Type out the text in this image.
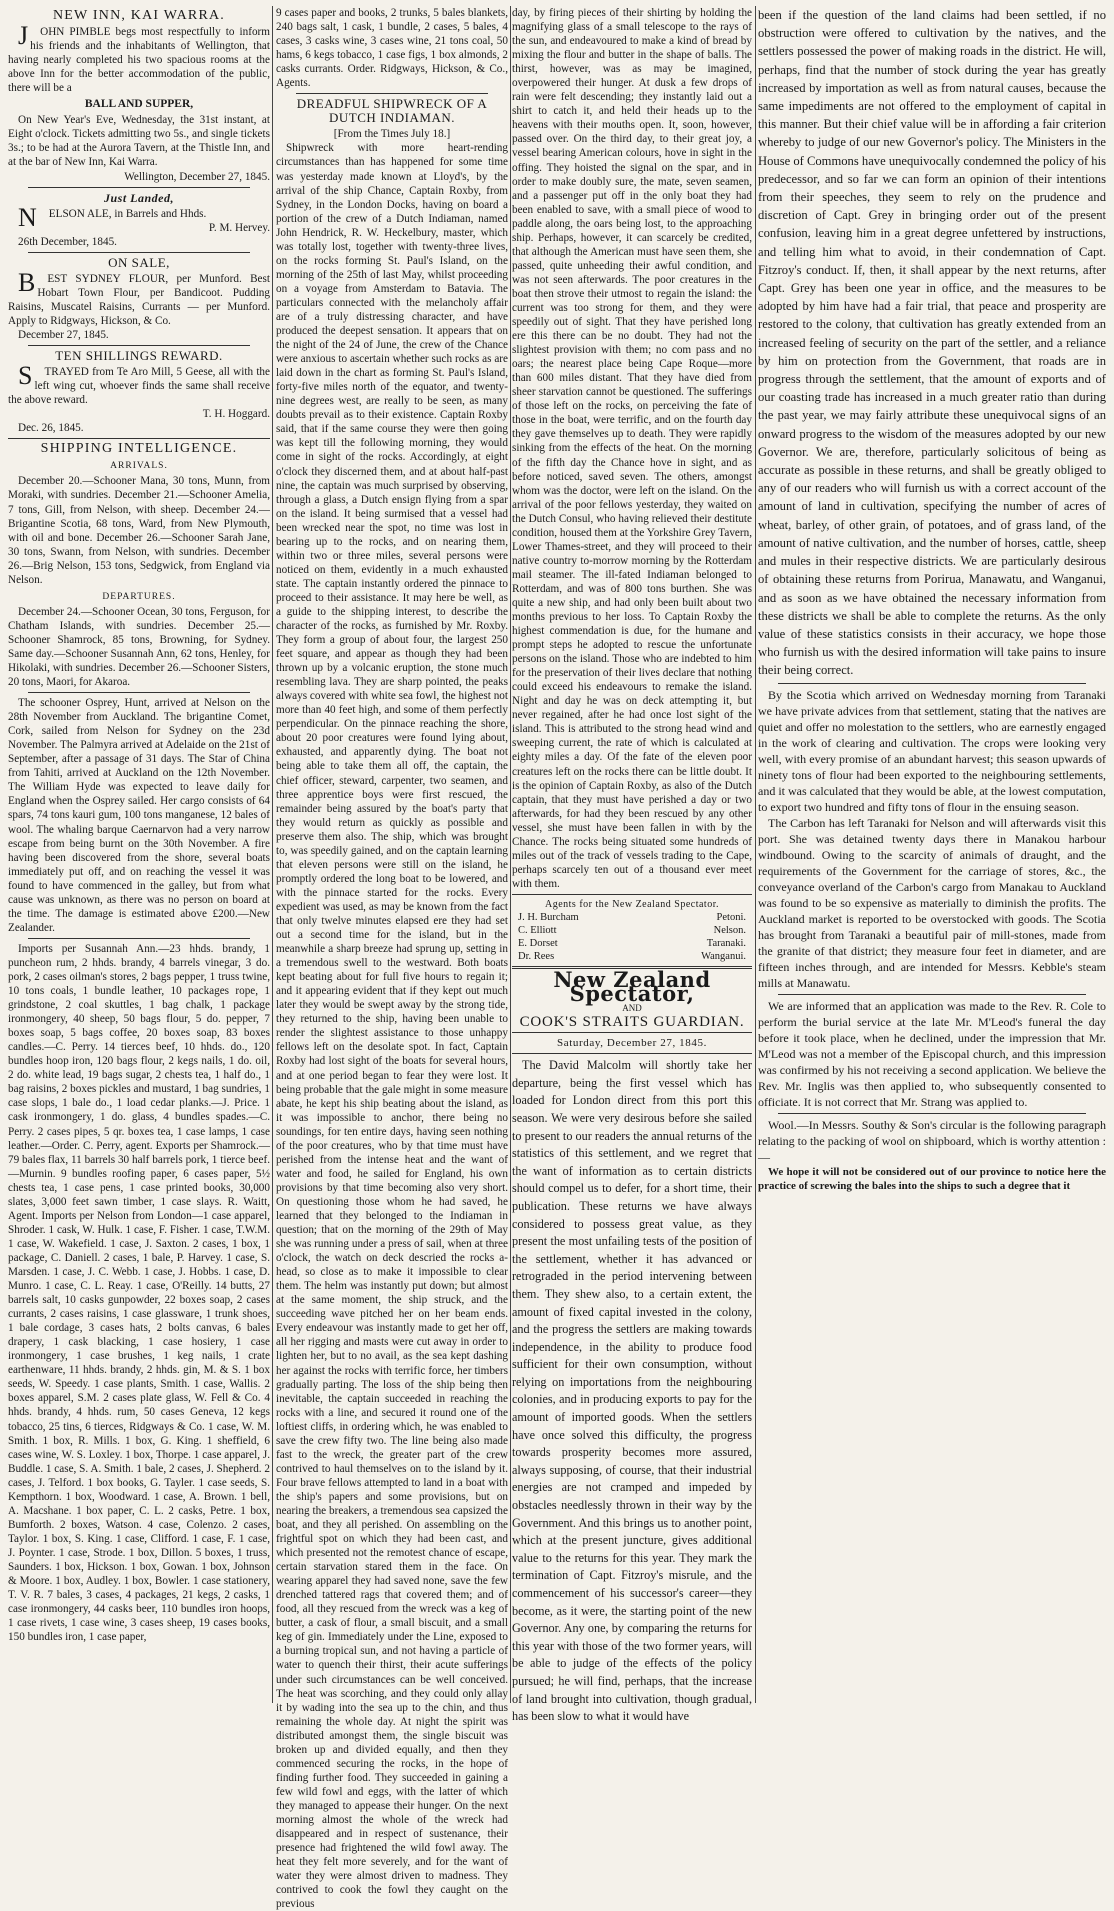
NEW INN, KAI WARRA.

JOHN PIMBLE begs most respectfully to inform his friends and the inhabitants of Wellington, that having nearly completed his two spacious rooms at the above Inn for the better accommodation of the public, there will be a

BALL AND SUPPER,

On New Year's Eve, Wednesday, the 31st instant, at Eight o'clock. Tickets admitting two 5s., and single tickets 3s.; to be had at the Aurora Tavern, at the Thistle Inn, and at the bar of New Inn, Kai Warra.

Wellington, December 27, 1845.

Just Landed,

NELSON ALE, in Barrels and Hhds.

P. M. Hervey.

26th December, 1845.

ON SALE,

BEST SYDNEY FLOUR, per Munford. Best Hobart Town Flour, per Bandicoot. Pudding Raisins, Muscatel Raisins, Currants — per Munford. Apply to Ridgways, Hickson, & Co.

December 27, 1845.

TEN SHILLINGS REWARD.

STRAYED from Te Aro Mill, 5 Geese, all with the left wing cut, whoever finds the same shall receive the above reward.

T. H. Hoggard.

Dec. 26, 1845.

SHIPPING INTELLIGENCE.
ARRIVALS.

December 20.—Schooner Mana, 30 tons, Munn, from Moraki, with sundries. December 21.—Schooner Amelia, 7 tons, Gill, from Nelson, with sheep. December 24.—Brigantine Scotia, 68 tons, Ward, from New Plymouth, with oil and bone. December 26.—Schooner Sarah Jane, 30 tons, Swann, from Nelson, with sundries. December 26.—Brig Nelson, 153 tons, Sedgwick, from England via Nelson.

DEPARTURES.

December 24.—Schooner Ocean, 30 tons, Ferguson, for Chatham Islands, with sundries. December 25.—Schooner Shamrock, 85 tons, Browning, for Sydney. Same day.—Schooner Susannah Ann, 62 tons, Henley, for Hikolaki, with sundries. December 26.—Schooner Sisters, 20 tons, Maori, for Akaroa.

The schooner Osprey, Hunt, arrived at Nelson on the 28th November from Auckland. The brigantine Comet, Cork, sailed from Nelson for Sydney on the 23d November. The Palmyra arrived at Adelaide on the 21st of September, after a passage of 31 days. The Star of China from Tahiti, arrived at Auckland on the 12th November. The William Hyde was expected to leave daily for England when the Osprey sailed. Her cargo consists of 64 spars, 74 tons kauri gum, 100 tons manganese, 12 bales of wool. The whaling barque Caernarvon had a very narrow escape from being burnt on the 30th November. A fire having been discovered from the shore, several boats immediately put off, and on reaching the vessel it was found to have commenced in the galley, but from what cause was unknown, as there was no person on board at the time. The damage is estimated above £200.—New Zealander.

Imports per Susannah Ann.—23 hhds. brandy, 1 puncheon rum, 2 hhds. brandy, 4 barrels vinegar, 3 do. pork, 2 cases oilman's stores, 2 bags pepper, 1 truss twine, 10 tons coals, 1 bundle leather, 10 packages rope, 1 grindstone, 2 coal skuttles, 1 bag chalk, 1 package ironmongery, 40 sheep, 50 bags flour, 5 do. pepper, 7 boxes soap, 5 bags coffee, 20 boxes soap, 83 boxes candles.—C. Perry. 14 tierces beef, 10 hhds. do., 120 bundles hoop iron, 120 bags flour, 2 kegs nails, 1 do. oil, 2 do. white lead, 19 bags sugar, 2 chests tea, 1 half do., 1 bag raisins, 2 boxes pickles and mustard, 1 bag sundries, 1 case slops, 1 bale do., 1 load cedar planks.—J. Price. 1 cask ironmongery, 1 do. glass, 4 bundles spades.—C. Perry. 2 cases pipes, 5 qr. boxes tea, 1 case lamps, 1 case leather.—Order. C. Perry, agent. Exports per Shamrock.—79 bales flax, 11 barrels 30 half barrels pork, 1 tierce beef.—Murnin. 9 bundles roofing paper, 6 cases paper, 5½ chests tea, 1 case pens, 1 case printed books, 30,000 slates, 3,000 feet sawn timber, 1 case slays. R. Waitt, Agent. Imports per Nelson from London—1 case apparel, Shroder. 1 cask, W. Hulk. 1 case, F. Fisher. 1 case, T.W.M. 1 case, W. Wakefield. 1 case, J. Saxton. 2 cases, 1 box, 1 package, C. Daniell. 2 cases, 1 bale, P. Harvey. 1 case, S. Marsden. 1 case, J. C. Webb. 1 case, J. Hobbs. 1 case, D. Munro. 1 case, C. L. Reay. 1 case, O'Reilly. 14 butts, 27 barrels salt, 10 casks gunpowder, 22 boxes soap, 2 cases currants, 2 cases raisins, 1 case glassware, 1 trunk shoes, 1 bale cordage, 3 cases hats, 2 bolts canvas, 6 bales drapery, 1 cask blacking, 1 case hosiery, 1 case ironmongery, 1 case brushes, 1 keg nails, 1 crate earthenware, 11 hhds. brandy, 2 hhds. gin, M. & S. 1 box seeds, W. Speedy. 1 case plants, Smith. 1 case, Wallis. 2 boxes apparel, S.M. 2 cases plate glass, W. Fell & Co. 4 hhds. brandy, 4 hhds. rum, 50 cases Geneva, 12 kegs tobacco, 25 tins, 6 tierces, Ridgways & Co. 1 case, W. M. Smith. 1 box, R. Mills. 1 box, G. King. 1 sheffield, 6 cases wine, W. S. Loxley. 1 box, Thorpe. 1 case apparel, J. Buddle. 1 case, S. A. Smith. 1 bale, 2 cases, J. Shepherd. 2 cases, J. Telford. 1 box books, G. Tayler. 1 case seeds, S. Kempthorn. 1 box, Woodward. 1 case, A. Brown. 1 bell, A. Macshane. 1 box paper, C. L. 2 casks, Petre. 1 box, Bumforth. 2 boxes, Watson. 4 case, Colenzo. 2 cases, Taylor. 1 box, S. King. 1 case, Clifford. 1 case, F. 1 case, J. Poynter. 1 case, Strode. 1 box, Dillon. 5 boxes, 1 truss, Saunders. 1 box, Hickson. 1 box, Gowan. 1 box, Johnson & Moore. 1 box, Audley. 1 box, Bowler. 1 case stationery, T. V. R. 7 bales, 3 cases, 4 packages, 21 kegs, 2 casks, 1 case ironmongery, 44 casks beer, 110 bundles iron hoops, 1 case rivets, 1 case wine, 3 cases sheep, 19 cases books, 150 bundles iron, 1 case paper,

9 cases paper and books, 2 trunks, 5 bales blankets, 240 bags salt, 1 cask, 1 bundle, 2 cases, 5 bales, 4 cases, 3 casks wine, 3 cases wine, 21 tons coal, 50 hams, 6 kegs tobacco, 1 case figs, 1 box almonds, 2 casks currants. Order. Ridgways, Hickson, & Co., Agents.

DREADFUL SHIPWRECK OF A DUTCH INDIAMAN.

[From the Times July 18.]

Shipwreck with more heart-rending circumstances than has happened for some time was yesterday made known at Lloyd's, by the arrival of the ship Chance, Captain Roxby, from Sydney, in the London Docks, having on board a portion of the crew of a Dutch Indiaman, named John Hendrick, R. W. Heckelbury, master, which was totally lost, together with twenty-three lives, on the rocks forming St. Paul's Island, on the morning of the 25th of last May, whilst proceeding on a voyage from Amsterdam to Batavia. The particulars connected with the melancholy affair are of a truly distressing character, and have produced the deepest sensation. It appears that on the night of the 24 of June, the crew of the Chance were anxious to ascertain whether such rocks as are laid down in the chart as forming St. Paul's Island, forty-five miles north of the equator, and twenty-nine degrees west, are really to be seen, as many doubts prevail as to their existence. Captain Roxby said, that if the same course they were then going was kept till the following morning, they would come in sight of the rocks. Accordingly, at eight o'clock they discerned them, and at about half-past nine, the captain was much surprised by observing, through a glass, a Dutch ensign flying from a spar on the island. It being surmised that a vessel had been wrecked near the spot, no time was lost in bearing up to the rocks, and on nearing them, within two or three miles, several persons were noticed on them, evidently in a much exhausted state. The captain instantly ordered the pinnace to proceed to their assistance. It may here be well, as a guide to the shipping interest, to describe the character of the rocks, as furnished by Mr. Roxby. They form a group of about four, the largest 250 feet square, and appear as though they had been thrown up by a volcanic eruption, the stone much resembling lava. They are sharp pointed, the peaks always covered with white sea fowl, the highest not more than 40 feet high, and some of them perfectly perpendicular. On the pinnace reaching the shore, about 20 poor creatures were found lying about, exhausted, and apparently dying. The boat not being able to take them all off, the captain, the chief officer, steward, carpenter, two seamen, and three apprentice boys were first rescued, the remainder being assured by the boat's party that they would return as quickly as possible and preserve them also. The ship, which was brought to, was speedily gained, and on the captain learning that eleven persons were still on the island, he promptly ordered the long boat to be lowered, and with the pinnace started for the rocks. Every expedient was used, as may be known from the fact that only twelve minutes elapsed ere they had set out a second time for the island, but in the meanwhile a sharp breeze had sprung up, setting in a tremendous swell to the westward. Both boats kept beating about for full five hours to regain it; and it appearing evident that if they kept out much later they would be swept away by the strong tide, they returned to the ship, having been unable to render the slightest assistance to those unhappy fellows left on the desolate spot. In fact, Captain Roxby had lost sight of the boats for several hours, and at one period began to fear they were lost. It being probable that the gale might in some measure abate, he kept his ship beating about the island, as it was impossible to anchor, there being no soundings, for ten entire days, having seen nothing of the poor creatures, who by that time must have perished from the intense heat and the want of water and food, he sailed for England, his own provisions by that time becoming also very short. On questioning those whom he had saved, he learned that they belonged to the Indiaman in question; that on the morning of the 29th of May she was running under a press of sail, when at three o'clock, the watch on deck descried the rocks a-head, so close as to make it impossible to clear them. The helm was instantly put down; but almost at the same moment, the ship struck, and the succeeding wave pitched her on her beam ends. Every endeavour was instantly made to get her off, all her rigging and masts were cut away in order to lighten her, but to no avail, as the sea kept dashing her against the rocks with terrific force, her timbers gradually parting. The loss of the ship being then inevitable, the captain succeeded in reaching the rocks with a line, and secured it round one of the loftiest cliffs, in ordering which, he was enabled to save the crew fifty two. The line being also made fast to the wreck, the greater part of the crew contrived to haul themselves on to the island by it. Four brave fellows attempted to land in a boat with the ship's papers and some provisions, but on nearing the breakers, a tremendous sea capsized the boat, and they all perished. On assembling on the frightful spot on which they had been cast, and which presented not the remotest chance of escape, certain starvation stared them in the face. On wearing apparel they had saved none, save the few drenched tattered rags that covered them; and of food, all they rescued from the wreck was a keg of butter, a cask of flour, a small biscuit, and a small keg of gin. Immediately under the Line, exposed to a burning tropical sun, and not having a particle of water to quench their thirst, their acute sufferings under such circumstances can be well conceived. The heat was scorching, and they could only allay it by wading into the sea up to the chin, and thus remaining the whole day. At night the spirit was distributed amongst them, the single biscuit was broken up and divided equally, and then they commenced securing the rocks, in the hope of finding further food. They succeeded in gaining a few wild fowl and eggs, with the latter of which they managed to appease their hunger. On the next morning almost the whole of the wreck had disappeared and in respect of sustenance, their presence had frightened the wild fowl away. The heat they felt more severely, and for the want of water they were almost driven to madness. They contrived to cook the fowl they caught on the previous

day, by firing pieces of their shirting by holding the magnifying glass of a small telescope to the rays of the sun, and endeavoured to make a kind of bread by mixing the flour and butter in the shape of balls. The thirst, however, was as may be imagined, overpowered their hunger. At dusk a few drops of rain were felt descending; they instantly laid out a shirt to catch it, and held their heads up to the heavens with their mouths open. It, soon, however, passed over. On the third day, to their great joy, a vessel bearing American colours, hove in sight in the offing. They hoisted the signal on the spar, and in order to make doubly sure, the mate, seven seamen, and a passenger put off in the only boat they had been enabled to save, with a small piece of wood to paddle along, the oars being lost, to the approaching ship. Perhaps, however, it can scarcely be credited, that although the American must have seen them, she passed, quite unheeding their awful condition, and was not seen afterwards. The poor creatures in the boat then strove their utmost to regain the island: the current was too strong for them, and they were speedily out of sight. That they have perished long ere this there can be no doubt. They had not the slightest provision with them; no com pass and no oars; the nearest place being Cape Roque—more than 600 miles distant. That they have died from sheer starvation cannot be questioned. The sufferings of those left on the rocks, on perceiving the fate of those in the boat, were terrific, and on the fourth day they gave themselves up to death. They were rapidly sinking from the effects of the heat. On the morning of the fifth day the Chance hove in sight, and as before noticed, saved seven. The others, amongst whom was the doctor, were left on the island. On the arrival of the poor fellows yesterday, they waited on the Dutch Consul, who having relieved their destitute condition, housed them at the Yorkshire Grey Tavern, Lower Thames-street, and they will proceed to their native country to-morrow morning by the Rotterdam mail steamer. The ill-fated Indiaman belonged to Rotterdam, and was of 800 tons burthen. She was quite a new ship, and had only been built about two months previous to her loss. To Captain Roxby the highest commendation is due, for the humane and prompt steps he adopted to rescue the unfortunate persons on the island. Those who are indebted to him for the preservation of their lives declare that nothing could exceed his endeavours to remake the island. Night and day he was on deck attempting it, but never regained, after he had once lost sight of the island. This is attributed to the strong head wind and sweeping current, the rate of which is calculated at eighty miles a day. Of the fate of the eleven poor creatures left on the rocks there can be little doubt. It is the opinion of Captain Roxby, as also of the Dutch captain, that they must have perished a day or two afterwards, for had they been rescued by any other vessel, she must have been fallen in with by the Chance. The rocks being situated some hundreds of miles out of the track of vessels trading to the Cape, perhaps scarcely ten out of a thousand ever meet with them.

Agents for the New Zealand Spectator.
J. H. Burcham	Petoni.
C. Elliott	Nelson.
E. Dorset	Taranaki.
Dr. Rees	Wanganui.
New Zealand Spectator,
AND
COOK'S STRAITS GUARDIAN.
Saturday, December 27, 1845.

The David Malcolm will shortly take her departure, being the first vessel which has loaded for London direct from this port this season. We were very desirous before she sailed to present to our readers the annual returns of the statistics of this settlement, and we regret that the want of information as to certain districts should compel us to defer, for a short time, their publication. These returns we have always considered to possess great value, as they present the most unfailing tests of the position of the settlement, whether it has advanced or retrograded in the period intervening between them. They shew also, to a certain extent, the amount of fixed capital invested in the colony, and the progress the settlers are making towards independence, in the ability to produce food sufficient for their own consumption, without relying on importations from the neighbouring colonies, and in producing exports to pay for the amount of imported goods. When the settlers have once solved this difficulty, the progress towards prosperity becomes more assured, always supposing, of course, that their industrial energies are not cramped and impeded by obstacles needlessly thrown in their way by the Government. And this brings us to another point, which at the present juncture, gives additional value to the returns for this year. They mark the termination of Capt. Fitzroy's misrule, and the commencement of his successor's career—they become, as it were, the starting point of the new Governor. Any one, by comparing the returns for this year with those of the two former years, will be able to judge of the effects of the policy pursued; he will find, perhaps, that the increase of land brought into cultivation, though gradual, has been slow to what it would have

been if the question of the land claims had been settled, if no obstruction were offered to cultivation by the natives, and the settlers possessed the power of making roads in the district. He will, perhaps, find that the number of stock during the year has greatly increased by importation as well as from natural causes, because the same impediments are not offered to the employment of capital in this manner. But their chief value will be in affording a fair criterion whereby to judge of our new Governor's policy. The Ministers in the House of Commons have unequivocally condemned the policy of his predecessor, and so far we can form an opinion of their intentions from their speeches, they seem to rely on the prudence and discretion of Capt. Grey in bringing order out of the present confusion, leaving him in a great degree unfettered by instructions, and telling him what to avoid, in their condemnation of Capt. Fitzroy's conduct. If, then, it shall appear by the next returns, after Capt. Grey has been one year in office, and the measures to be adopted by him have had a fair trial, that peace and prosperity are restored to the colony, that cultivation has greatly extended from an increased feeling of security on the part of the settler, and a reliance by him on protection from the Government, that roads are in progress through the settlement, that the amount of exports and of our coasting trade has increased in a much greater ratio than during the past year, we may fairly attribute these unequivocal signs of an onward progress to the wisdom of the measures adopted by our new Governor. We are, therefore, particularly solicitous of being as accurate as possible in these returns, and shall be greatly obliged to any of our readers who will furnish us with a correct account of the amount of land in cultivation, specifying the number of acres of wheat, barley, of other grain, of potatoes, and of grass land, of the amount of native cultivation, and the number of horses, cattle, sheep and mules in their respective districts. We are particularly desirous of obtaining these returns from Porirua, Manawatu, and Wanganui, and as soon as we have obtained the necessary information from these districts we shall be able to complete the returns. As the only value of these statistics consists in their accuracy, we hope those who furnish us with the desired information will take pains to insure their being correct.

By the Scotia which arrived on Wednesday morning from Taranaki we have private advices from that settlement, stating that the natives are quiet and offer no molestation to the settlers, who are earnestly engaged in the work of clearing and cultivation. The crops were looking very well, with every promise of an abundant harvest; this season upwards of ninety tons of flour had been exported to the neighbouring settlements, and it was calculated that they would be able, at the lowest computation, to export two hundred and fifty tons of flour in the ensuing season.

The Carbon has left Taranaki for Nelson and will afterwards visit this port. She was detained twenty days there in Manakou harbour windbound. Owing to the scarcity of animals of draught, and the requirements of the Government for the carriage of stores, &c., the conveyance overland of the Carbon's cargo from Manakau to Auckland was found to be so expensive as materially to diminish the profits. The Auckland market is reported to be overstocked with goods. The Scotia has brought from Taranaki a beautiful pair of mill-stones, made from the granite of that district; they measure four feet in diameter, and are fifteen inches through, and are intended for Messrs. Kebble's steam mills at Manawatu.

We are informed that an application was made to the Rev. R. Cole to perform the burial service at the late Mr. M'Leod's funeral the day before it took place, when he declined, under the impression that Mr. M'Leod was not a member of the Episcopal church, and this impression was confirmed by his not receiving a second application. We believe the Rev. Mr. Inglis was then applied to, who subsequently consented to officiate. It is not correct that Mr. Strang was applied to.

Wool.—In Messrs. Southy & Son's circular is the following paragraph relating to the packing of wool on shipboard, which is worthy attention :—

We hope it will not be considered out of our province to notice here the practice of screwing the bales into the ships to such a degree that it
